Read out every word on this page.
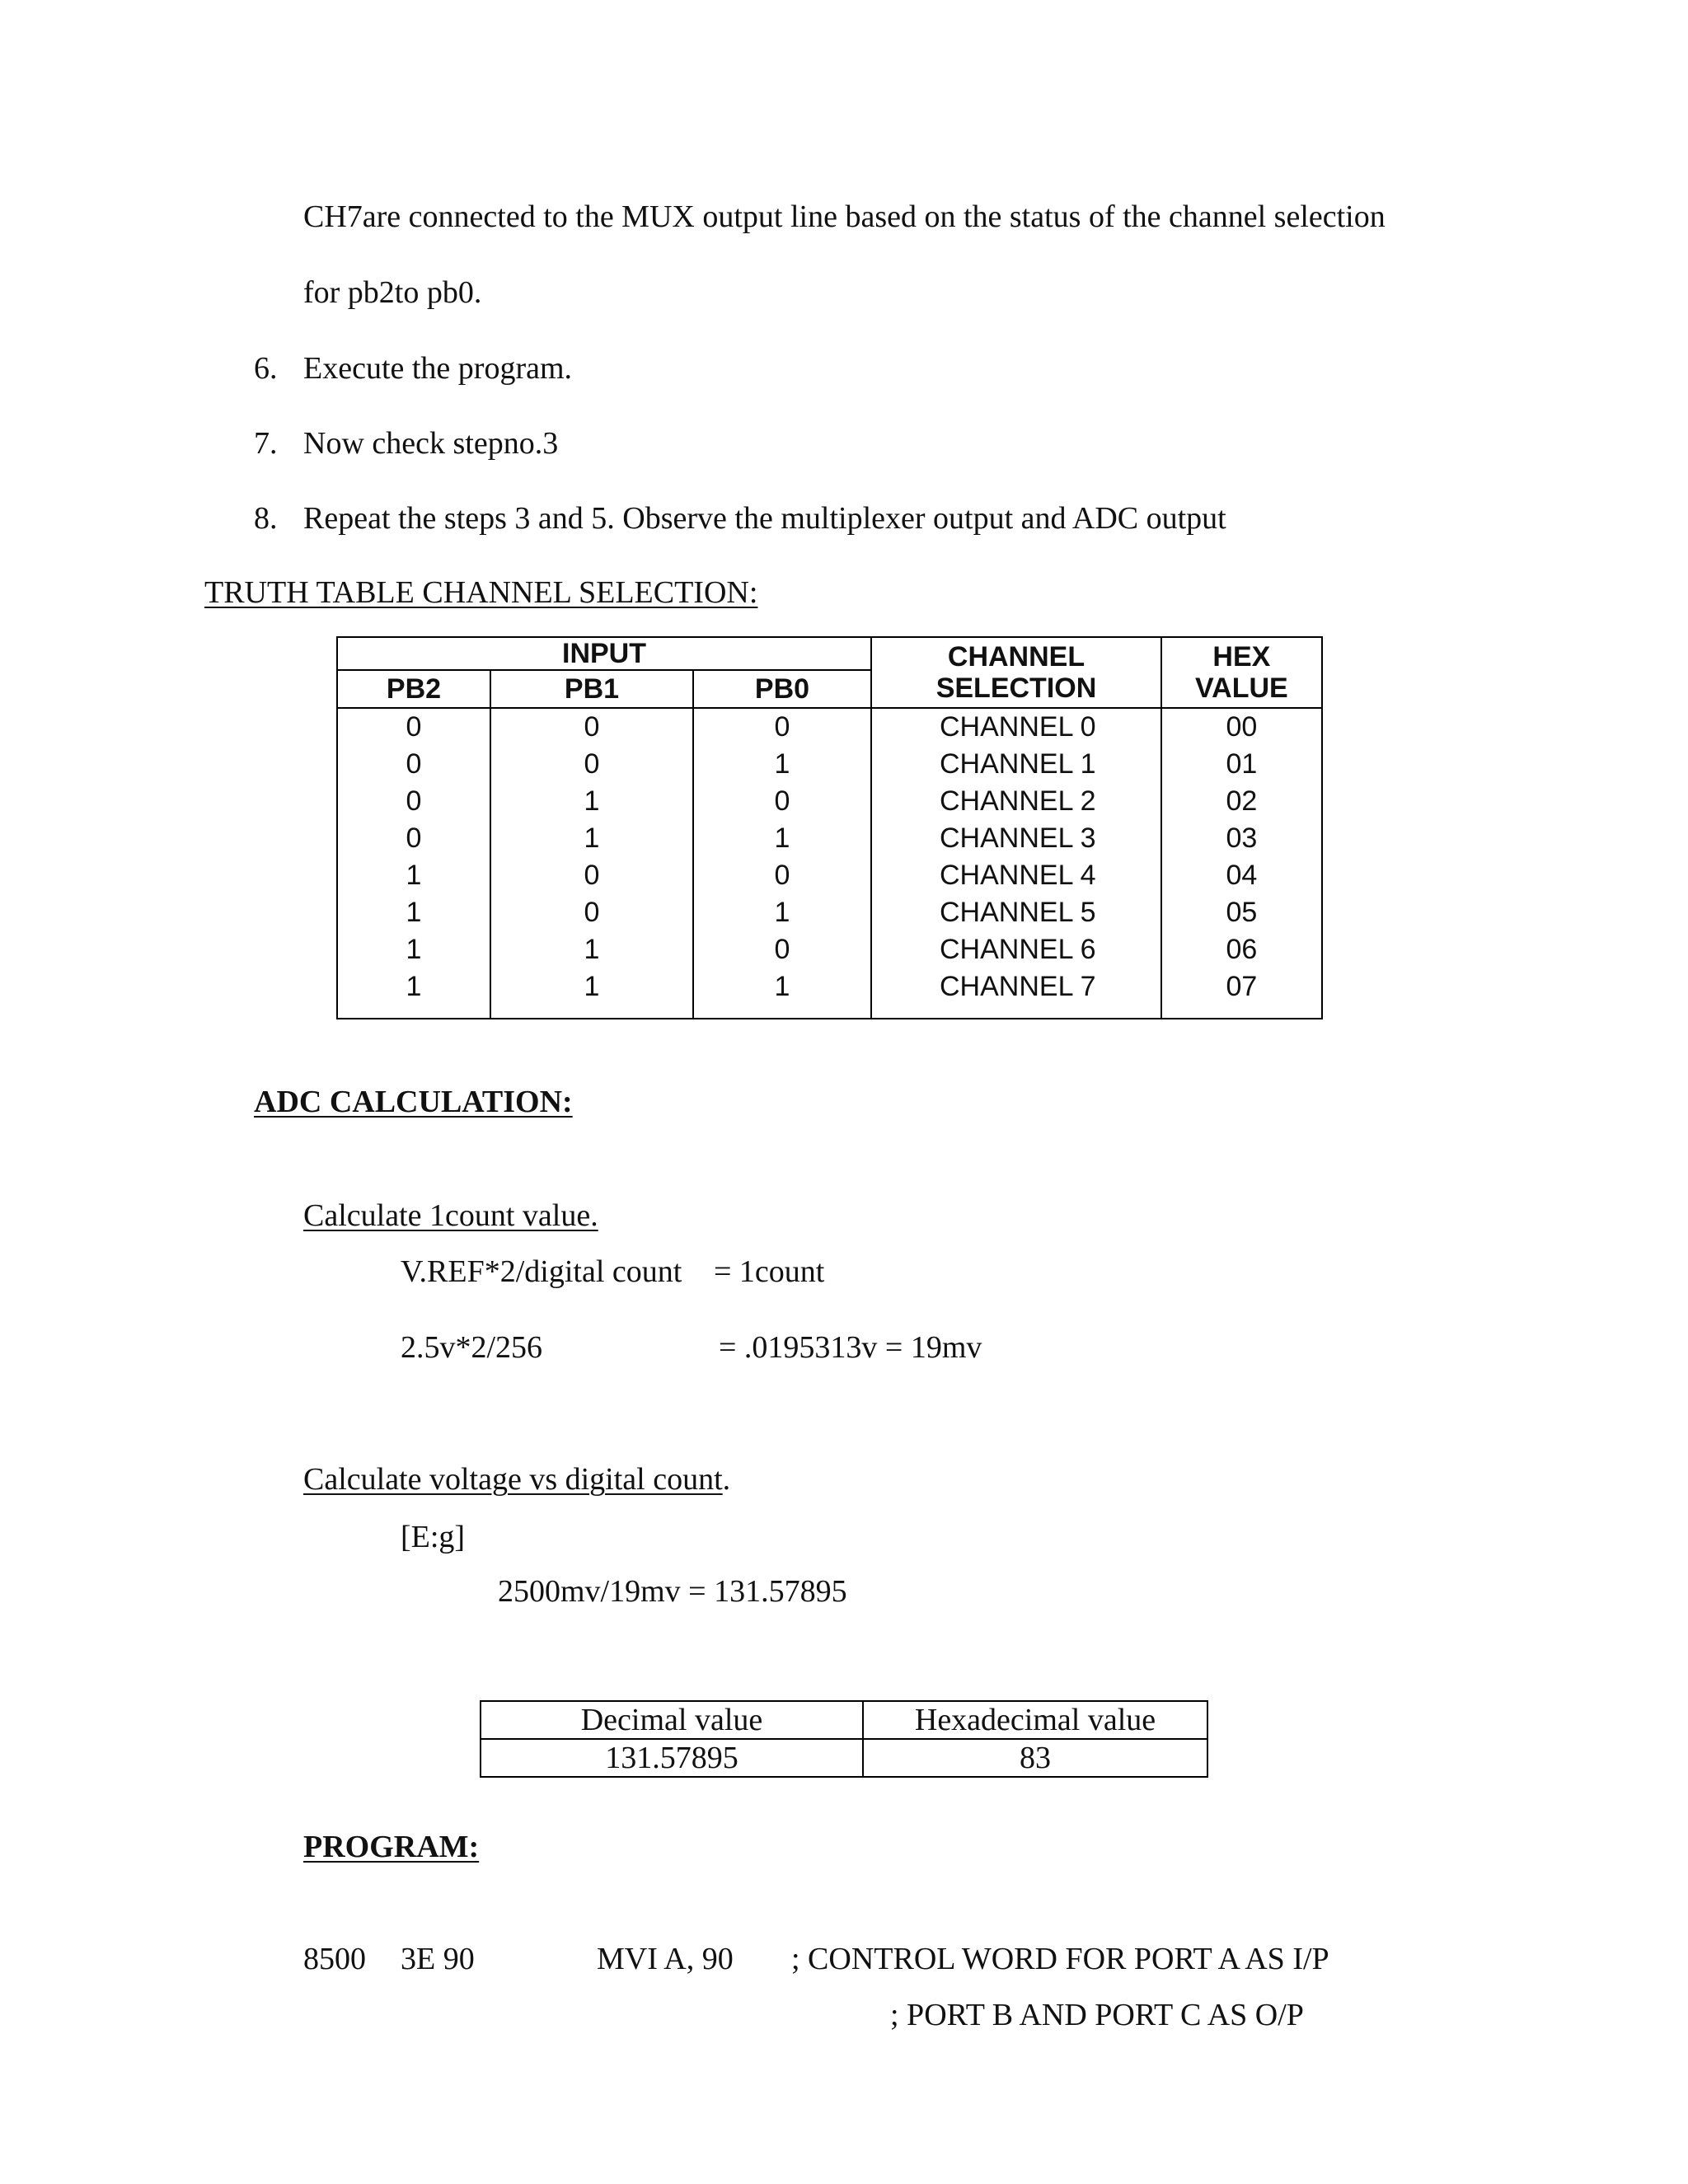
CH7are connected to the MUX output line based on the status of the channel selection
for pb2to pb0.
6. Execute the program.
7. Now check stepno.3
8. Repeat the steps 3 and 5. Observe the multiplexer output and ADC output
TRUTH TABLE CHANNEL SELECTION:
INPUT			CHANNEL SELECTION	HEX VALUE
PB2	PB1	PB0		
0	0	0	CHANNEL 0	00
0	0	1	CHANNEL 1	01
0	1	0	CHANNEL 2	02
0	1	1	CHANNEL 3	03
1	0	0	CHANNEL 4	04
1	0	1	CHANNEL 5	05
1	1	0	CHANNEL 6	06
1	1	1	CHANNEL 7	07
ADC CALCULATION:
Calculate 1count value.
V.REF*2/digital count = 1count
2.5v*2/256	= .0195313v = 19mv
Calculate voltage vs digital count.
[E:g]
2500mv/19mv = 131.57895
Decimal value	Hexadecimal value
131.57895	83
PROGRAM:
8500 3E 90	MVI A, 90 ; CONTROL WORD FOR PORT A AS I/P
; PORT B AND PORT C AS O/P
